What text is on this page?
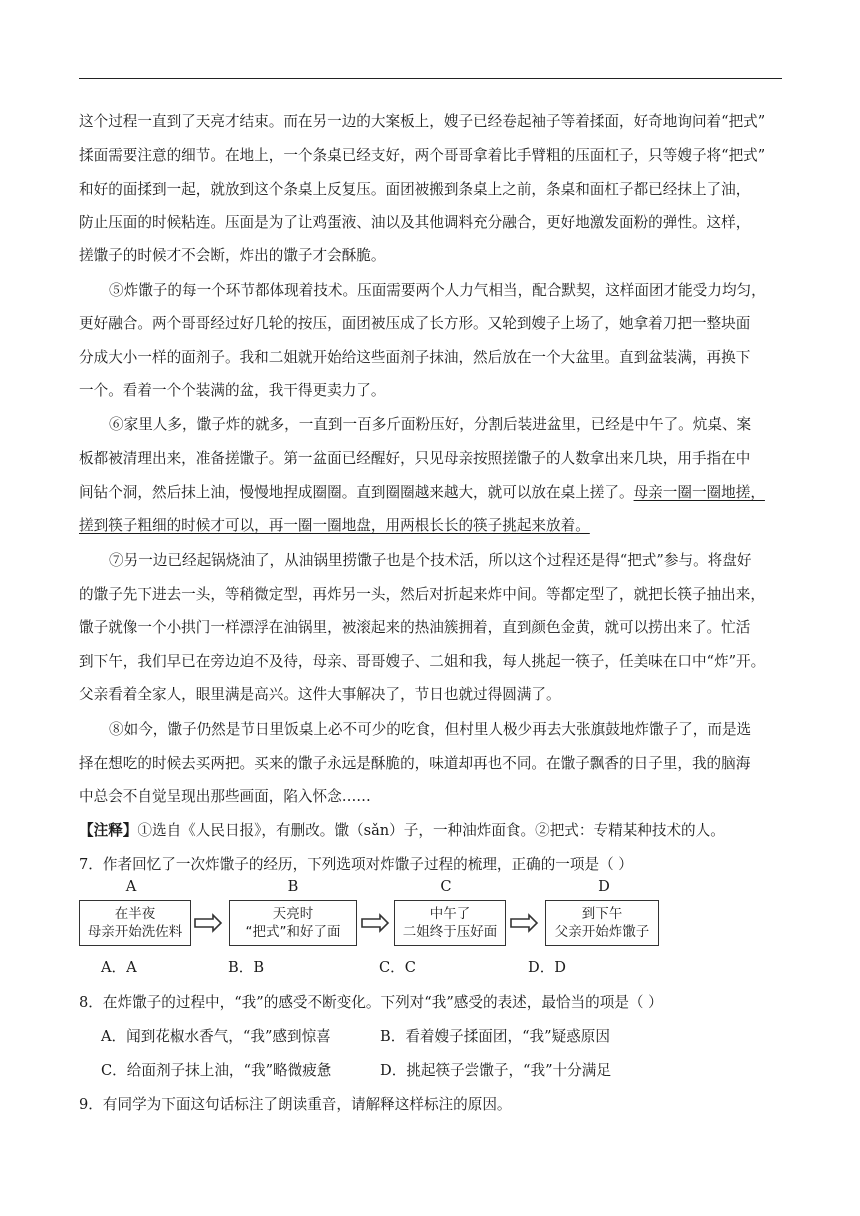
这个过程一直到了天亮才结束。而在另一边的大案板上，嫂子已经卷起袖子等着揉面，好奇地询问着“把式”
揉面需要注意的细节。在地上，一个条桌已经支好，两个哥哥拿着比手臂粗的压面杠子，只等嫂子将“把式”
和好的面揉到一起，就放到这个条桌上反复压。面团被搬到条桌上之前，条桌和面杠子都已经抹上了油，
防止压面的时候粘连。压面是为了让鸡蛋液、油以及其他调料充分融合，更好地激发面粉的弹性。这样，
搓馓子的时候才不会断，炸出的馓子才会酥脆。
⑤炸馓子的每一个环节都体现着技术。压面需要两个人力气相当，配合默契，这样面团才能受力均匀，
更好融合。两个哥哥经过好几轮的按压，面团被压成了长方形。又轮到嫂子上场了，她拿着刀把一整块面
分成大小一样的面剂子。我和二姐就开始给这些面剂子抹油，然后放在一个大盆里。直到盆装满，再换下
一个。看着一个个装满的盆，我干得更卖力了。
⑥家里人多，馓子炸的就多，一直到一百多斤面粉压好，分割后装进盆里，已经是中午了。炕桌、案
板都被清理出来，准备搓馓子。第一盆面已经醒好，只见母亲按照搓馓子的人数拿出来几块，用手指在中
间钻个洞，然后抹上油，慢慢地捏成圈圈。直到圈圈越来越大，就可以放在桌上搓了。母亲一圈一圈地搓，
搓到筷子粗细的时候才可以，再一圈一圈地盘，用两根长长的筷子挑起来放着。
⑦另一边已经起锅烧油了，从油锅里捞馓子也是个技术活，所以这个过程还是得“把式”参与。将盘好
的馓子先下进去一头，等稍微定型，再炸另一头，然后对折起来炸中间。等都定型了，就把长筷子抽出来，
馓子就像一个小拱门一样漂浮在油锅里，被滚起来的热油簇拥着，直到颜色金黄，就可以捞出来了。忙活
到下午，我们早已在旁边迫不及待，母亲、哥哥嫂子、二姐和我，每人挑起一筷子，任美味在口中“炸”开。
父亲看着全家人，眼里满是高兴。这件大事解决了，节日也就过得圆满了。
⑧如今，馓子仍然是节日里饭桌上必不可少的吃食，但村里人极少再去大张旗鼓地炸馓子了，而是选
择在想吃的时候去买两把。买来的馓子永远是酥脆的，味道却再也不同。在馓子飘香的日子里，我的脑海
中总会不自觉呈现出那些画面，陷入怀念……
【注释】①选自《人民日报》，有删改。馓（sǎn）子，一种油炸面食。②把式：专精某种技术的人。
7．作者回忆了一次炸馓子的经历，下列选项对炸馓子过程的梳理，正确的一项是（ ）
A	B	C	D
在半夜
母亲开始洗佐料
天亮时
“把式”和好了面
中午了
二姐终于压好面
到下午
父亲开始炸馓子
A．A	B．B	C．C	D．D
8．在炸馓子的过程中，“我”的感受不断变化。下列对“我”感受的表述，最恰当的项是（ ）
A．闻到花椒水香气，“我”感到惊喜	B．看着嫂子揉面团，“我”疑惑原因
C．给面剂子抹上油，“我”略微疲惫	D．挑起筷子尝馓子，“我”十分满足
9．有同学为下面这句话标注了朗读重音，请解释这样标注的原因。
